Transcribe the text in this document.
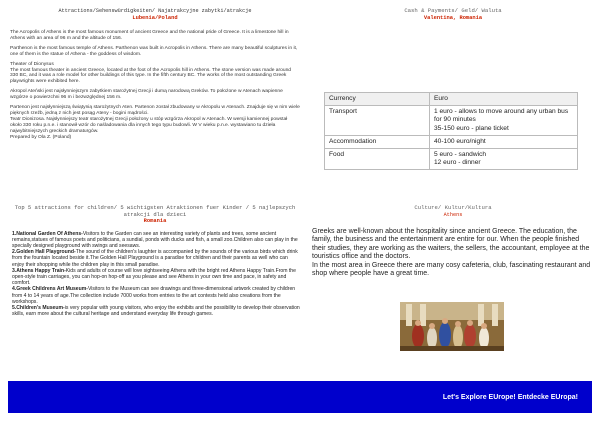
Attractions/Sehenswürdigkeiten/ Najatrakcyjne zabytki/atrakcje
Lubenia/Poland

The Acropolis of Athens is the most famous monument of ancient Greece and the national pride of Greece. It is a limestone hill in Athens with an area of 96 m and the altitude of 156.

Parthenon is the most famous temple of Athens. Parthenon was built in Acropolis in Athens. There are many beautiful sculptures in it, one of them is the statue of Athena - the goddess of wisdom.

Theater of Dionysus
The most famous theater in ancient Greece, located at the foot of the Acropolis hill in Athens. The stone version was made around 330 BC, and it was a role model for other buildings of this type. In the fifth century BC. The works of the most outstanding Greek playwrights were exhibited here.

Akropol Ateński jest najsłynniejszym zabytkiem starożytnej Grecji i dumą narodową Greków. To położone w Atenach wapienne wzgórze o powierzchni 96 m i bezwzględnej 156 m.

Partenon jest najsłynniejszą świątynią starożytnych Aten. Partenon został zbudowany w Akropolu w Atenach. Znajduje się w nim wiele pięknych rzeźb, jedną z nich jest posąg Ateny - bogini mądrości.

Teatr Dionizosa. Najsłynniejszy teatr starożytnej Grecji położony u stóp wzgórza Akropol w Atenach. W wersji kamiennej powstał około 330 roku p.n.e. i stanowił wzór do naśladowania dla innych tego typu budowli. W V wieku p.n.e. wystawiano tu dzieła najwybitniejszych greckich dramaturgów.

Prepared by Ola Z. (Poland)

Cash & Payments/ Geld/ Waluta
Valentina, Romania
Currency	Euro
Transport	1 euro - allows to move around any urban bus for 90 minutes
35-150 euro - plane ticket
Accommodation	40-100 euro/night
Food	5 euro - sandwich
12 euro - dinner
Top 5 attractions for children/ 5 wichtigsten Atraktionen fuer Kinder / 5 najlepszych atrakcji dla dzieci
Romania

1.National Garden Of Athens-Visitors to the Garden can see an interesting variety of plants and trees, some ancient remains,statues of famous poets and politicians, a sundial, ponds with ducks and fish, a small zoo.Children also can play in the specially designed playground with swings and seesaws.

2.Golden Hall Playground-The sound of the children's laughter is accompanied by the sounds of the various birds which drink from the fountain located beside it.The Golden Hall Playground is a paradise for children and their parents as well who can enjoy their shopping while the children play in this small paradise.

3.Athens Happy Train-Kids and adults of course will love sightseeing Athens with the bright red Athens Happy Train.From the open-style train carriages, you can hop-on hop-off as you please and see Athens in your own time and pace, in safety and comfort.

4.Greek Childrens Art Museum-Visitors to the Museum can see drawings and three-dimensional artwork created by children from 4 to 14 years of age.The collection include 7000 works from entries to the art contests held also creations from the workshops.

5.Children's Museum-is very popular with young visitors, who enjoy the exhibits and the possibility to develop their observation skills, earn more about the cultural heritage and understand everyday life through games.

Culture/ Kultur/Kultura
Athens

Greeks are well-known about the hospitality since ancient Greece. The education, the family, the business and the entertainment are entire for our. When the people finished their studies, they are working as the waiters, the sellers, the accountant, employee at the touristics office and the doctors.

In the most area in Greece there are many cosy cafeteria, club, fascinating restaurant and shop where people have a great time.

Let's Explore EUrope! Entdecke EUropa!
